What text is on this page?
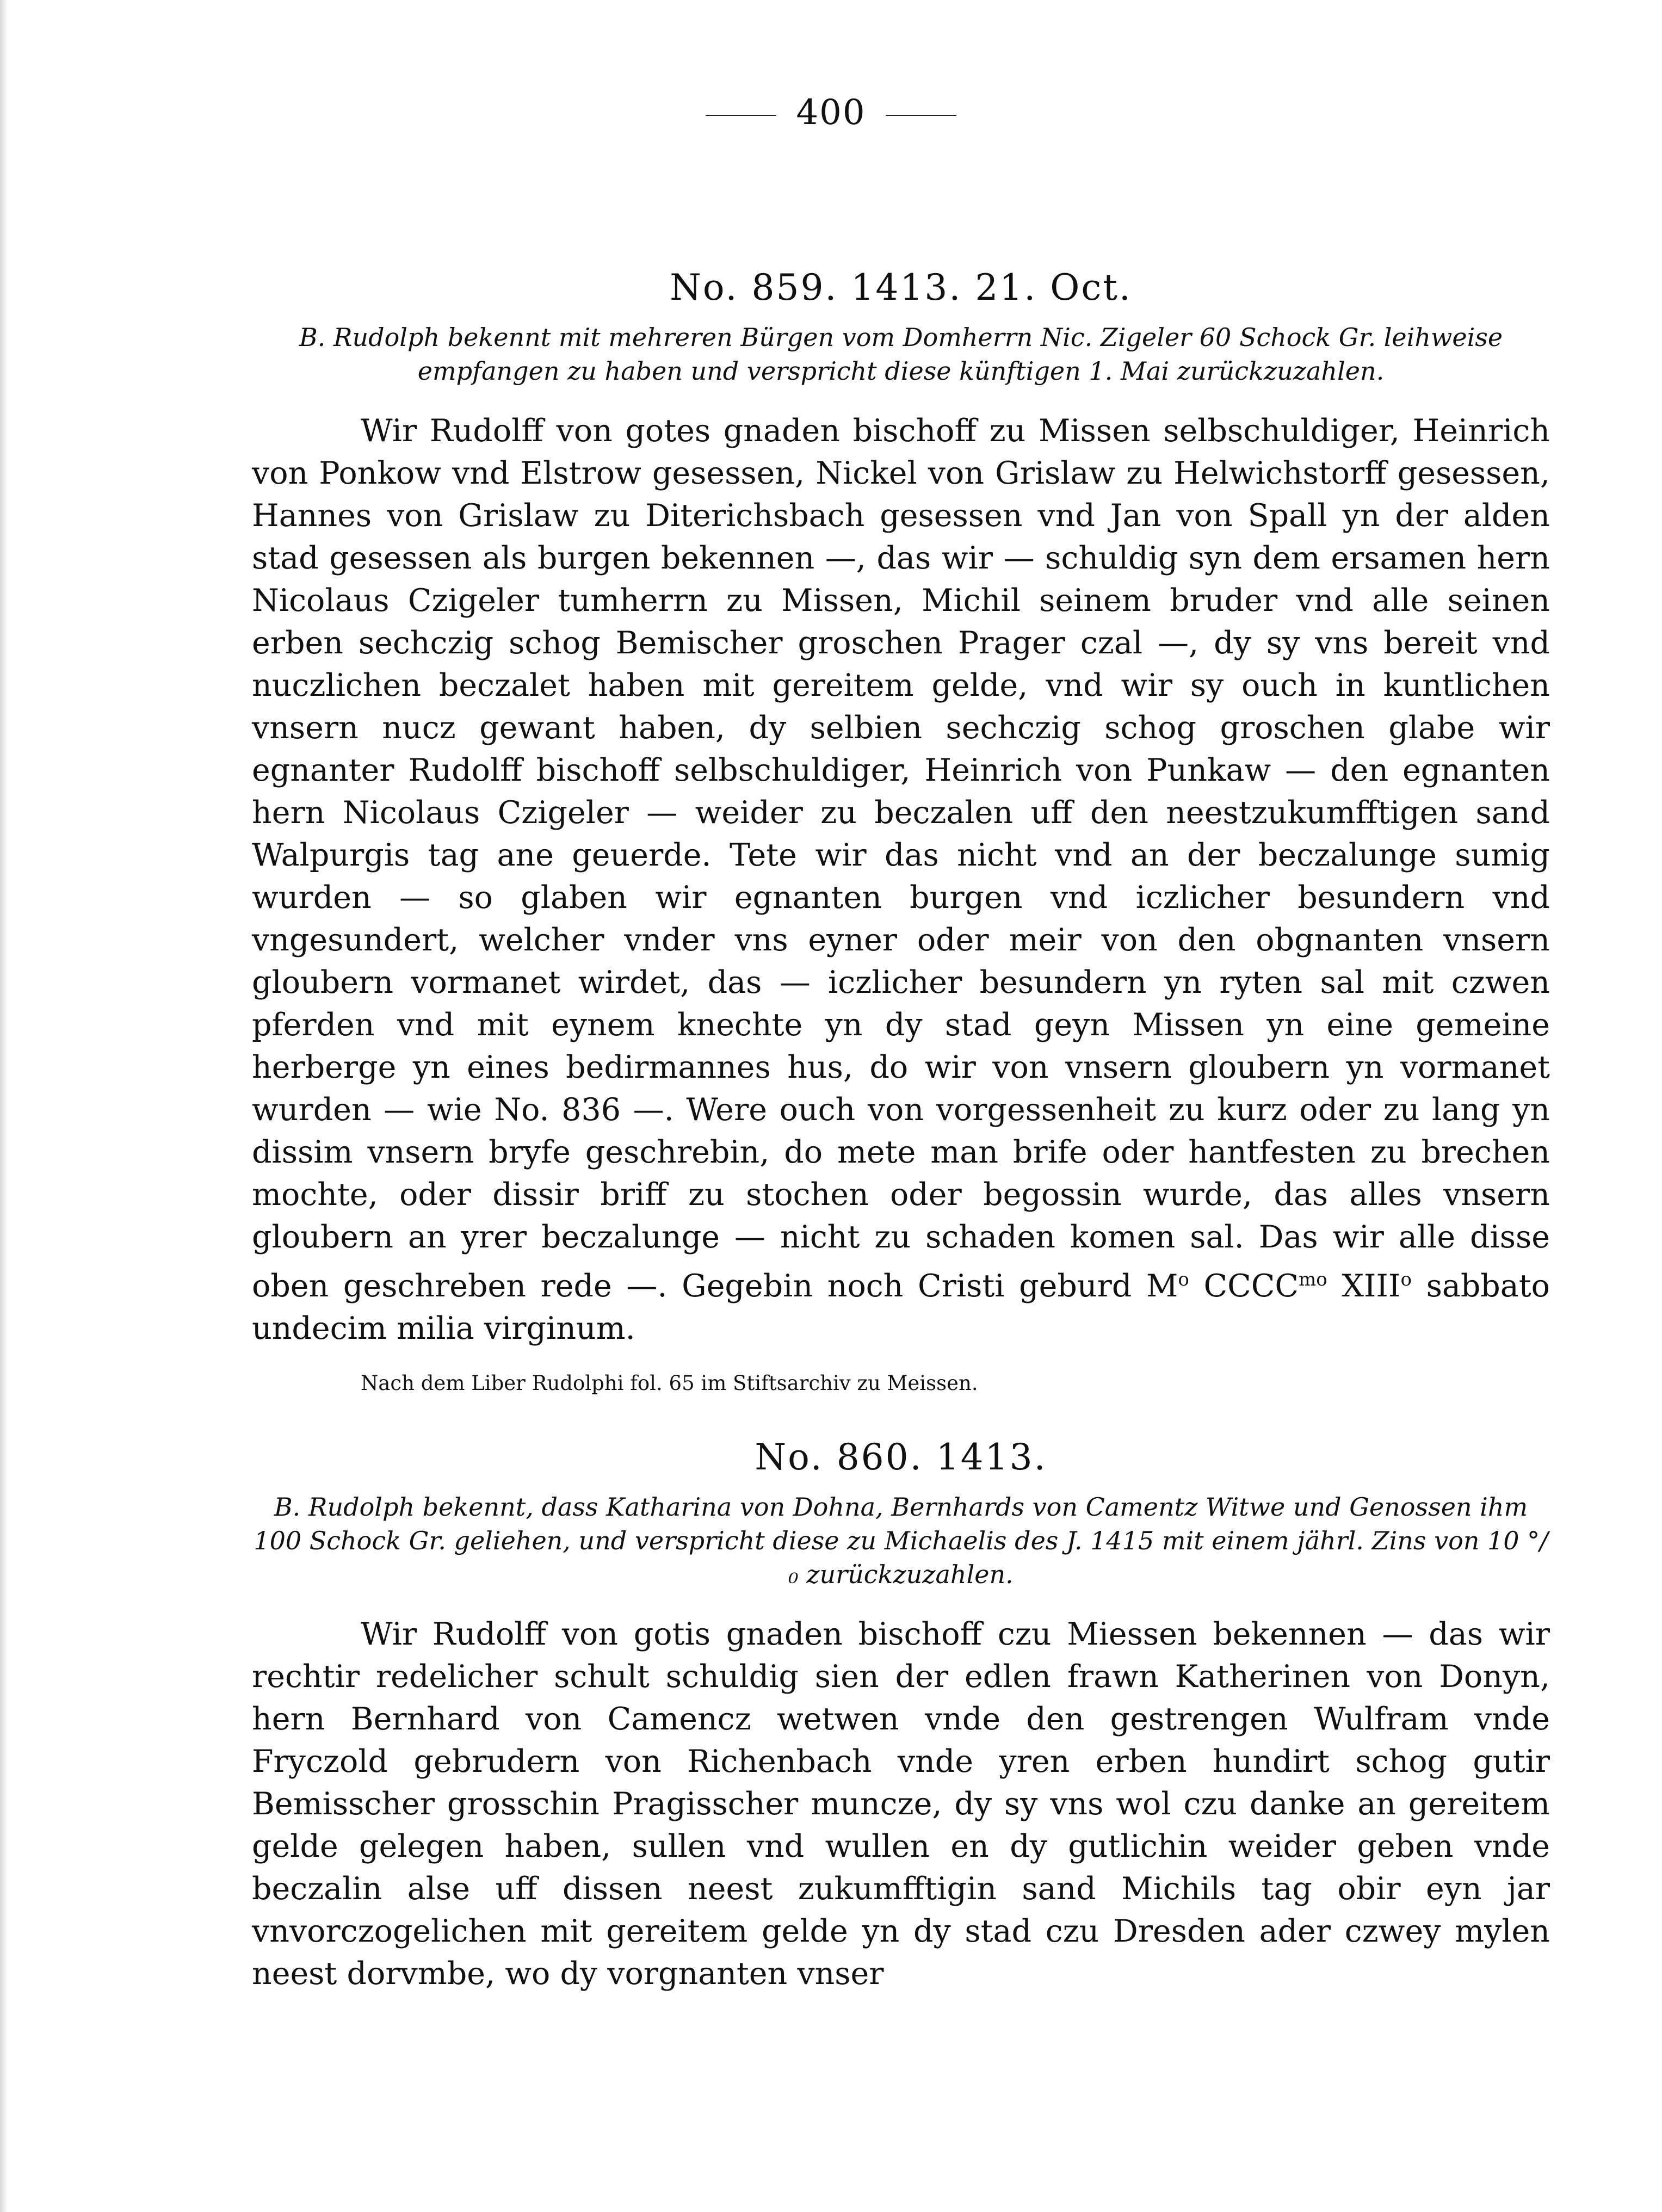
400
No. 859. 1413. 21. Oct.

B. Rudolph bekennt mit mehreren Bürgen vom Domherrn Nic. Zigeler 60 Schock Gr. leihweise empfangen zu haben und verspricht diese künftigen 1. Mai zurückzuzahlen.

Wir Rudolff von gotes gnaden bischoff zu Missen selbschuldiger, Heinrich von Ponkow vnd Elstrow gesessen, Nickel von Grislaw zu Helwichstorff gesessen, Hannes von Grislaw zu Diterichsbach gesessen vnd Jan von Spall yn der alden stad gesessen als burgen bekennen —, das wir — schuldig syn dem ersamen hern Nicolaus Czigeler tumherrn zu Missen, Michil seinem bruder vnd alle seinen erben sechczig schog Bemischer groschen Prager czal —, dy sy vns bereit vnd nuczlichen beczalet haben mit gereitem gelde, vnd wir sy ouch in kuntlichen vnsern nucz gewant haben, dy selbien sechczig schog groschen glabe wir egnanter Rudolff bischoff selbschuldiger, Heinrich von Punkaw — den egnanten hern Nicolaus Czigeler — weider zu beczalen uff den neestzukumfftigen sand Walpurgis tag ane geuerde. Tete wir das nicht vnd an der beczalunge sumig wurden — so glaben wir egnanten burgen vnd iczlicher besundern vnd vngesundert, welcher vnder vns eyner oder meir von den obgnanten vnsern gloubern vormanet wirdet, das — iczlicher besundern yn ryten sal mit czwen pferden vnd mit eynem knechte yn dy stad geyn Missen yn eine gemeine herberge yn eines bedirmannes hus, do wir von vnsern gloubern yn vormanet wurden — wie No. 836 —. Were ouch von vorgessenheit zu kurz oder zu lang yn dissim vnsern bryfe geschrebin, do mete man brife oder hantfesten zu brechen mochte, oder dissir briff zu stochen oder begossin wurde, das alles vnsern gloubern an yrer beczalunge — nicht zu schaden komen sal. Das wir alle disse oben geschreben rede —. Gegebin noch Cristi geburd $M^o$ $CCCC^{mo}$ XIII$^o$ sabbato undecim milia virginum.

Nach dem Liber Rudolphi fol. 65 im Stiftsarchiv zu Meissen.

No. 860. 1413.

B. Rudolph bekennt, dass Katharina von Dohna, Bernhards von Camentz Witwe und Genossen ihm 100 Schock Gr. geliehen, und verspricht diese zu Michaelis des J. 1415 mit einem jährl. Zins von 10 °/₀ zurückzuzahlen.

Wir Rudolff von gotis gnaden bischoff czu Miessen bekennen — das wir rechtir redelicher schult schuldig sien der edlen frawn Katherinen von Donyn, hern Bernhard von Camencz wetwen vnde den gestrengen Wulfram vnde Fryczold gebrudern von Richenbach vnde yren erben hundirt schog gutir Bemisscher grosschin Pragisscher muncze, dy sy vns wol czu danke an gereitem gelde gelegen haben, sullen vnd wullen en dy gutlichin weider geben vnde beczalin alse uff dissen neest zukumfftigin sand Michils tag obir eyn jar vnvorczogelichen mit gereitem gelde yn dy stad czu Dresden ader czwey mylen neest dorvmbe, wo dy vorgnanten vnser
